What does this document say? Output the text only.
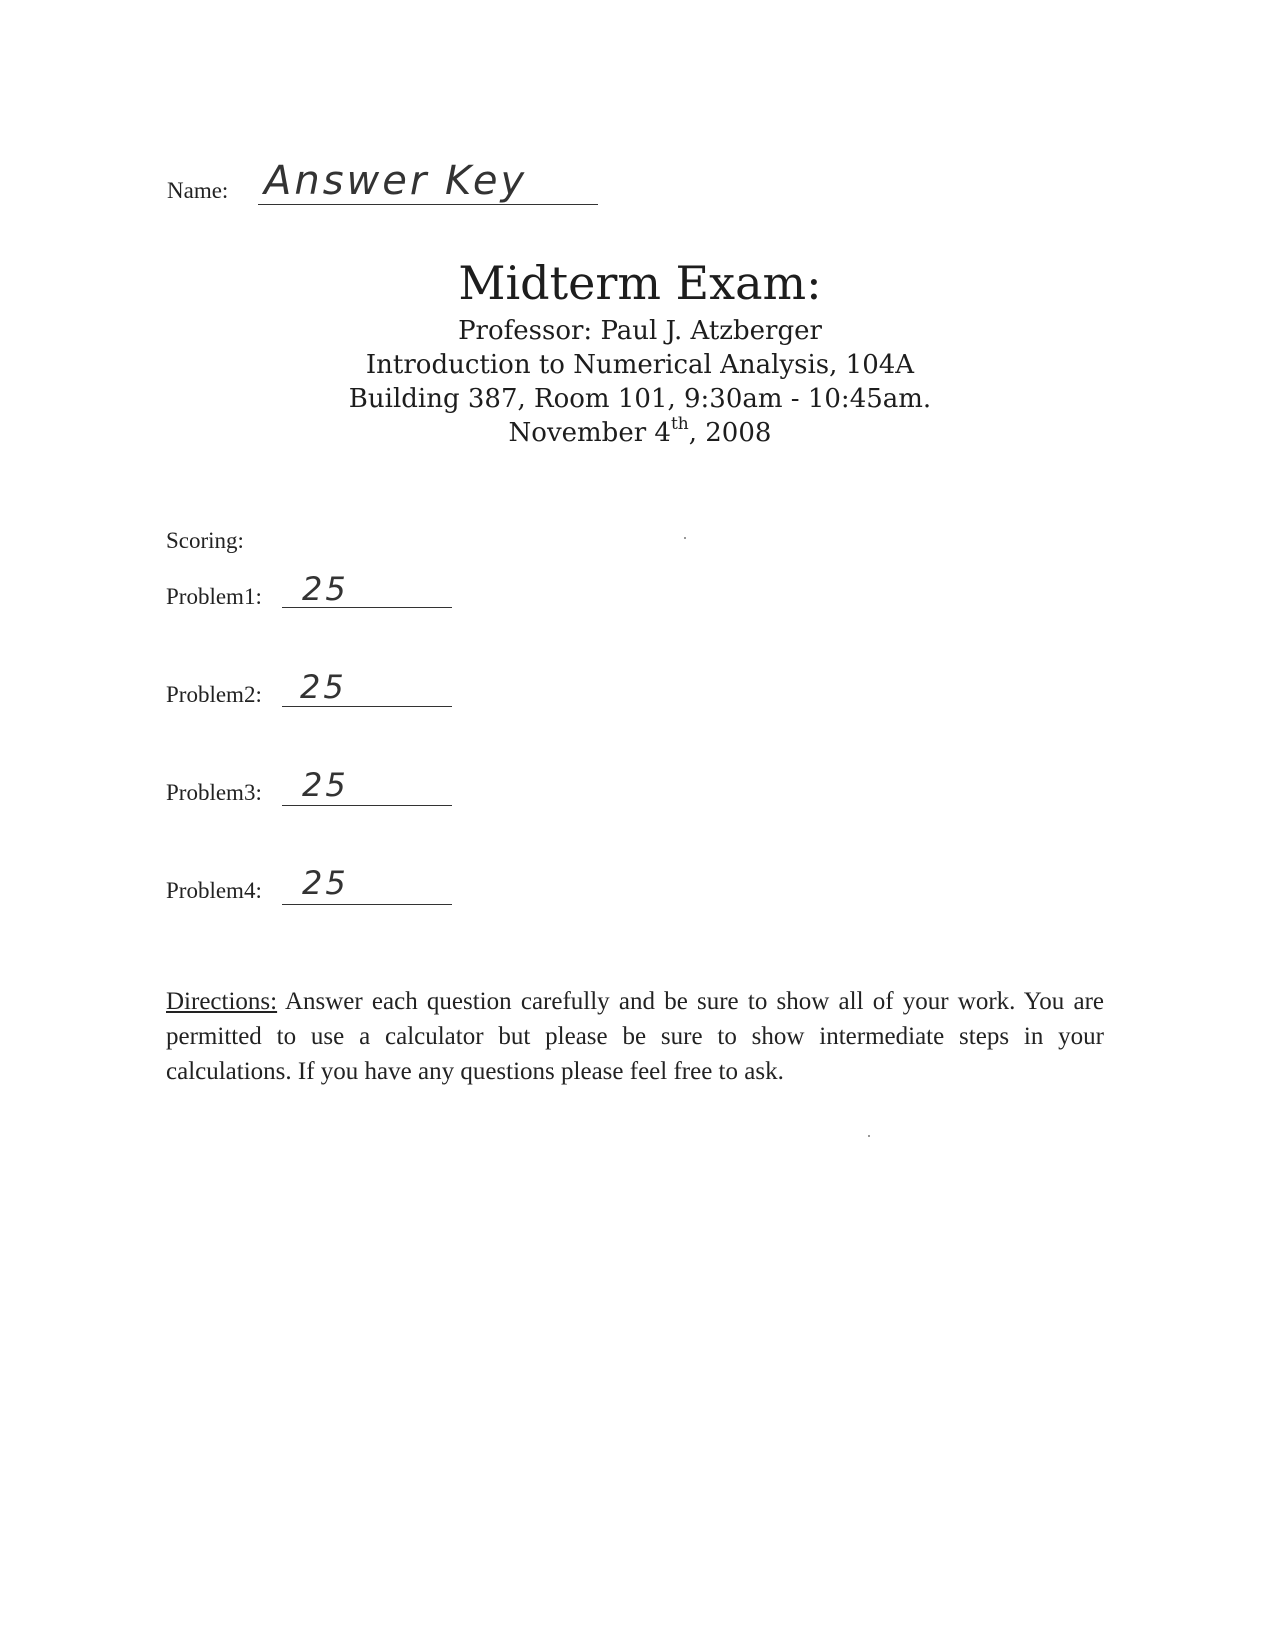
Name: Answer Key
Midterm Exam:
Professor: Paul J. Atzberger
Introduction to Numerical Analysis, 104A
Building 387, Room 101, 9:30am - 10:45am.
November 4th, 2008
Scoring:
Problem1: 25
Problem2: 25
Problem3: 25
Problem4: 25
Directions: Answer each question carefully and be sure to show all of your work. You are permitted to use a calculator but please be sure to show intermediate steps in your calculations. If you have any questions please feel free to ask.
